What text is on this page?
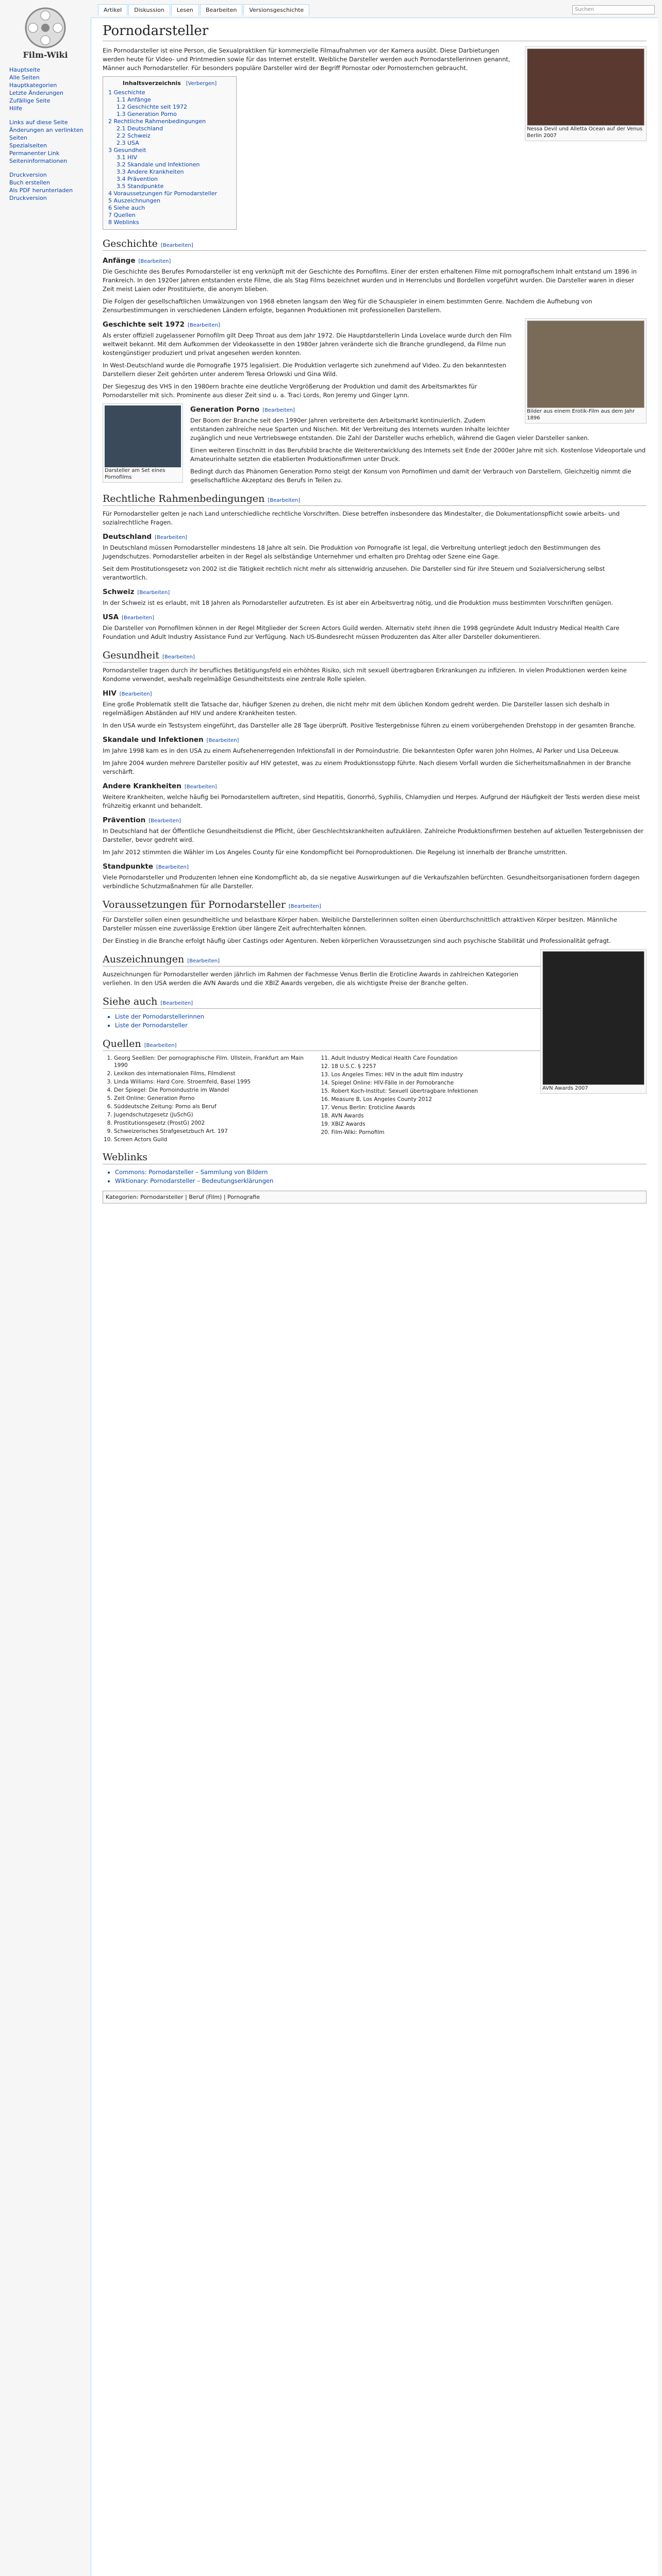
Film-Wiki
Hauptseite
Alle Seiten
Hauptkategorien
Letzte Änderungen
Zufällige Seite
Hilfe
Links auf diese Seite
Änderungen an verlinkten Seiten
Spezialseiten
Permanenter Link
Seiteninformationen
Druckversion
Buch erstellen
Als PDF herunterladen
Druckversion
Artikel Diskussion Lesen Bearbeiten Versionsgeschichte	Suchen
Pornodarsteller
Nessa Devil und Alletta Ocean auf der Venus Berlin 2007

Ein Pornodarsteller ist eine Person, die Sexualpraktiken für kommerzielle Filmaufnahmen vor der Kamera ausübt. Diese Darbietungen werden heute für Video- und Printmedien sowie für das Internet erstellt. Weibliche Darsteller werden auch Pornodarstellerinnen genannt, Männer auch Pornodarsteller. Für besonders populäre Darsteller wird der Begriff Pornostar oder Pornosternchen gebraucht.

Inhaltsverzeichnis [Verbergen]
1 Geschichte
1.1 Anfänge
1.2 Geschichte seit 1972
1.3 Generation Porno
2 Rechtliche Rahmenbedingungen
2.1 Deutschland
2.2 Schweiz
2.3 USA
3 Gesundheit
3.1 HIV
3.2 Skandale und Infektionen
3.3 Andere Krankheiten
3.4 Prävention
3.5 Standpunkte
4 Voraussetzungen für Pornodarsteller
5 Auszeichnungen
6 Siehe auch
7 Quellen
8 Weblinks
Geschichte [Bearbeiten]
Anfänge [Bearbeiten]

Die Geschichte des Berufes Pornodarsteller ist eng verknüpft mit der Geschichte des Pornofilms. Einer der ersten erhaltenen Filme mit pornografischem Inhalt entstand um 1896 in Frankreich. In den 1920er Jahren entstanden erste Filme, die als Stag Films bezeichnet wurden und in Herrenclubs und Bordellen vorgeführt wurden. Die Darsteller waren in dieser Zeit meist Laien oder Prostituierte, die anonym blieben.

Die Folgen der gesellschaftlichen Umwälzungen von 1968 ebneten langsam den Weg für die Schauspieler in einem bestimmten Genre. Nachdem die Aufhebung von Zensurbestimmungen in verschiedenen Ländern erfolgte, begannen Produktionen mit professionellen Darstellern.

Bilder aus einem Erotik-Film aus dem Jahr 1896
Geschichte seit 1972 [Bearbeiten]

Als erster offiziell zugelassener Pornofilm gilt Deep Throat aus dem Jahr 1972. Die Hauptdarstellerin Linda Lovelace wurde durch den Film weltweit bekannt. Mit dem Aufkommen der Videokassette in den 1980er Jahren veränderte sich die Branche grundlegend, da Filme nun kostengünstiger produziert und privat angesehen werden konnten.

In West-Deutschland wurde die Pornografie 1975 legalisiert. Die Produktion verlagerte sich zunehmend auf Video. Zu den bekanntesten Darstellern dieser Zeit gehörten unter anderem Teresa Orlowski und Gina Wild.

Der Siegeszug des VHS in den 1980ern brachte eine deutliche Vergrößerung der Produktion und damit des Arbeitsmarktes für Pornodarsteller mit sich. Prominente aus dieser Zeit sind u. a. Traci Lords, Ron Jeremy und Ginger Lynn.

Darsteller am Set eines Pornofilms
Generation Porno [Bearbeiten]

Der Boom der Branche seit den 1990er Jahren verbreiterte den Arbeitsmarkt kontinuierlich. Zudem entstanden zahlreiche neue Sparten und Nischen. Mit der Verbreitung des Internets wurden Inhalte leichter zugänglich und neue Vertriebswege entstanden. Die Zahl der Darsteller wuchs erheblich, während die Gagen vieler Darsteller sanken.

Einen weiteren Einschnitt in das Berufsbild brachte die Weiterentwicklung des Internets seit Ende der 2000er Jahre mit sich. Kostenlose Videoportale und Amateurinhalte setzten die etablierten Produktionsfirmen unter Druck.

Bedingt durch das Phänomen Generation Porno steigt der Konsum von Pornofilmen und damit der Verbrauch von Darstellern. Gleichzeitig nimmt die gesellschaftliche Akzeptanz des Berufs in Teilen zu.

Rechtliche Rahmenbedingungen [Bearbeiten]

Für Pornodarsteller gelten je nach Land unterschiedliche rechtliche Vorschriften. Diese betreffen insbesondere das Mindestalter, die Dokumentationspflicht sowie arbeits- und sozialrechtliche Fragen.

Deutschland [Bearbeiten]

In Deutschland müssen Pornodarsteller mindestens 18 Jahre alt sein. Die Produktion von Pornografie ist legal, die Verbreitung unterliegt jedoch den Bestimmungen des Jugendschutzes. Pornodarsteller arbeiten in der Regel als selbständige Unternehmer und erhalten pro Drehtag oder Szene eine Gage.

Seit dem Prostitutionsgesetz von 2002 ist die Tätigkeit rechtlich nicht mehr als sittenwidrig anzusehen. Die Darsteller sind für ihre Steuern und Sozialversicherung selbst verantwortlich.

Schweiz [Bearbeiten]

In der Schweiz ist es erlaubt, mit 18 Jahren als Pornodarsteller aufzutreten. Es ist aber ein Arbeitsvertrag nötig, und die Produktion muss bestimmten Vorschriften genügen.

USA [Bearbeiten]

Die Darsteller von Pornofilmen können in der Regel Mitglieder der Screen Actors Guild werden. Alternativ steht ihnen die 1998 gegründete Adult Industry Medical Health Care Foundation und Adult Industry Assistance Fund zur Verfügung. Nach US-Bundesrecht müssen Produzenten das Alter aller Darsteller dokumentieren.

Gesundheit [Bearbeiten]

Pornodarsteller tragen durch ihr berufliches Betätigungsfeld ein erhöhtes Risiko, sich mit sexuell übertragbaren Erkrankungen zu infizieren. In vielen Produktionen werden keine Kondome verwendet, weshalb regelmäßige Gesundheitstests eine zentrale Rolle spielen.

HIV [Bearbeiten]

Eine große Problematik stellt die Tatsache dar, häufiger Szenen zu drehen, die nicht mehr mit dem üblichen Kondom gedreht werden. Die Darsteller lassen sich deshalb in regelmäßigen Abständen auf HIV und andere Krankheiten testen.

In den USA wurde ein Testsystem eingeführt, das Darsteller alle 28 Tage überprüft. Positive Testergebnisse führen zu einem vorübergehenden Drehstopp in der gesamten Branche.

Skandale und Infektionen [Bearbeiten]

Im Jahre 1998 kam es in den USA zu einem Aufsehenerregenden Infektionsfall in der Pornoindustrie. Die bekanntesten Opfer waren John Holmes, Al Parker und Lisa DeLeeuw.

Im Jahre 2004 wurden mehrere Darsteller positiv auf HIV getestet, was zu einem Produktionsstopp führte. Nach diesem Vorfall wurden die Sicherheitsmaßnahmen in der Branche verschärft.

Andere Krankheiten [Bearbeiten]

Weitere Krankheiten, welche häufig bei Pornodarstellern auftreten, sind Hepatitis, Gonorrhö, Syphilis, Chlamydien und Herpes. Aufgrund der Häufigkeit der Tests werden diese meist frühzeitig erkannt und behandelt.

Prävention [Bearbeiten]

In Deutschland hat der Öffentliche Gesundheitsdienst die Pflicht, über Geschlechtskrankheiten aufzuklären. Zahlreiche Produktionsfirmen bestehen auf aktuellen Testergebnissen der Darsteller, bevor gedreht wird.

Im Jahr 2012 stimmten die Wähler im Los Angeles County für eine Kondompflicht bei Pornoproduktionen. Die Regelung ist innerhalb der Branche umstritten.

Standpunkte [Bearbeiten]

Viele Pornodarsteller und Produzenten lehnen eine Kondompflicht ab, da sie negative Auswirkungen auf die Verkaufszahlen befürchten. Gesundheitsorganisationen fordern dagegen verbindliche Schutzmaßnahmen für alle Darsteller.

Voraussetzungen für Pornodarsteller [Bearbeiten]

Für Darsteller sollen einen gesundheitliche und belastbare Körper haben. Weibliche Darstellerinnen sollten einen überdurchschnittlich attraktiven Körper besitzen. Männliche Darsteller müssen eine zuverlässige Erektion über längere Zeit aufrechterhalten können.

Der Einstieg in die Branche erfolgt häufig über Castings oder Agenturen. Neben körperlichen Voraussetzungen sind auch psychische Stabilität und Professionalität gefragt.

AVN Awards 2007
Auszeichnungen [Bearbeiten]

Auszeichnungen für Pornodarsteller werden jährlich im Rahmen der Fachmesse Venus Berlin die Eroticline Awards in zahlreichen Kategorien verliehen. In den USA werden die AVN Awards und die XBIZ Awards vergeben, die als wichtigste Preise der Branche gelten.

Siehe auch [Bearbeiten]
• Liste der Pornodarstellerinnen
• Liste der Pornodarsteller
Quellen [Bearbeiten]
1. Georg Seeßlen: Der pornographische Film. Ullstein, Frankfurt am Main 1990
2. Lexikon des internationalen Films, Filmdienst
3. Linda Williams: Hard Core. Stroemfeld, Basel 1995
4. Der Spiegel: Die Pornoindustrie im Wandel
5. Zeit Online: Generation Porno
6. Süddeutsche Zeitung: Porno als Beruf
7. Jugendschutzgesetz (JuSchG)
8. Prostitutionsgesetz (ProstG) 2002
9. Schweizerisches Strafgesetzbuch Art. 197
10. Screen Actors Guild
11. Adult Industry Medical Health Care Foundation
12. 18 U.S.C. § 2257
13. Los Angeles Times: HIV in the adult film industry
14. Spiegel Online: HIV-Fälle in der Pornobranche
15. Robert Koch-Institut: Sexuell übertragbare Infektionen
16. Measure B, Los Angeles County 2012
17. Venus Berlin: Eroticline Awards
18. AVN Awards
19. XBIZ Awards
20. Film-Wiki: Pornofilm
Weblinks
• Commons: Pornodarsteller – Sammlung von Bildern
• Wiktionary: Pornodarsteller – Bedeutungserklärungen
Kategorien: Pornodarsteller | Beruf (Film) | Pornografie
